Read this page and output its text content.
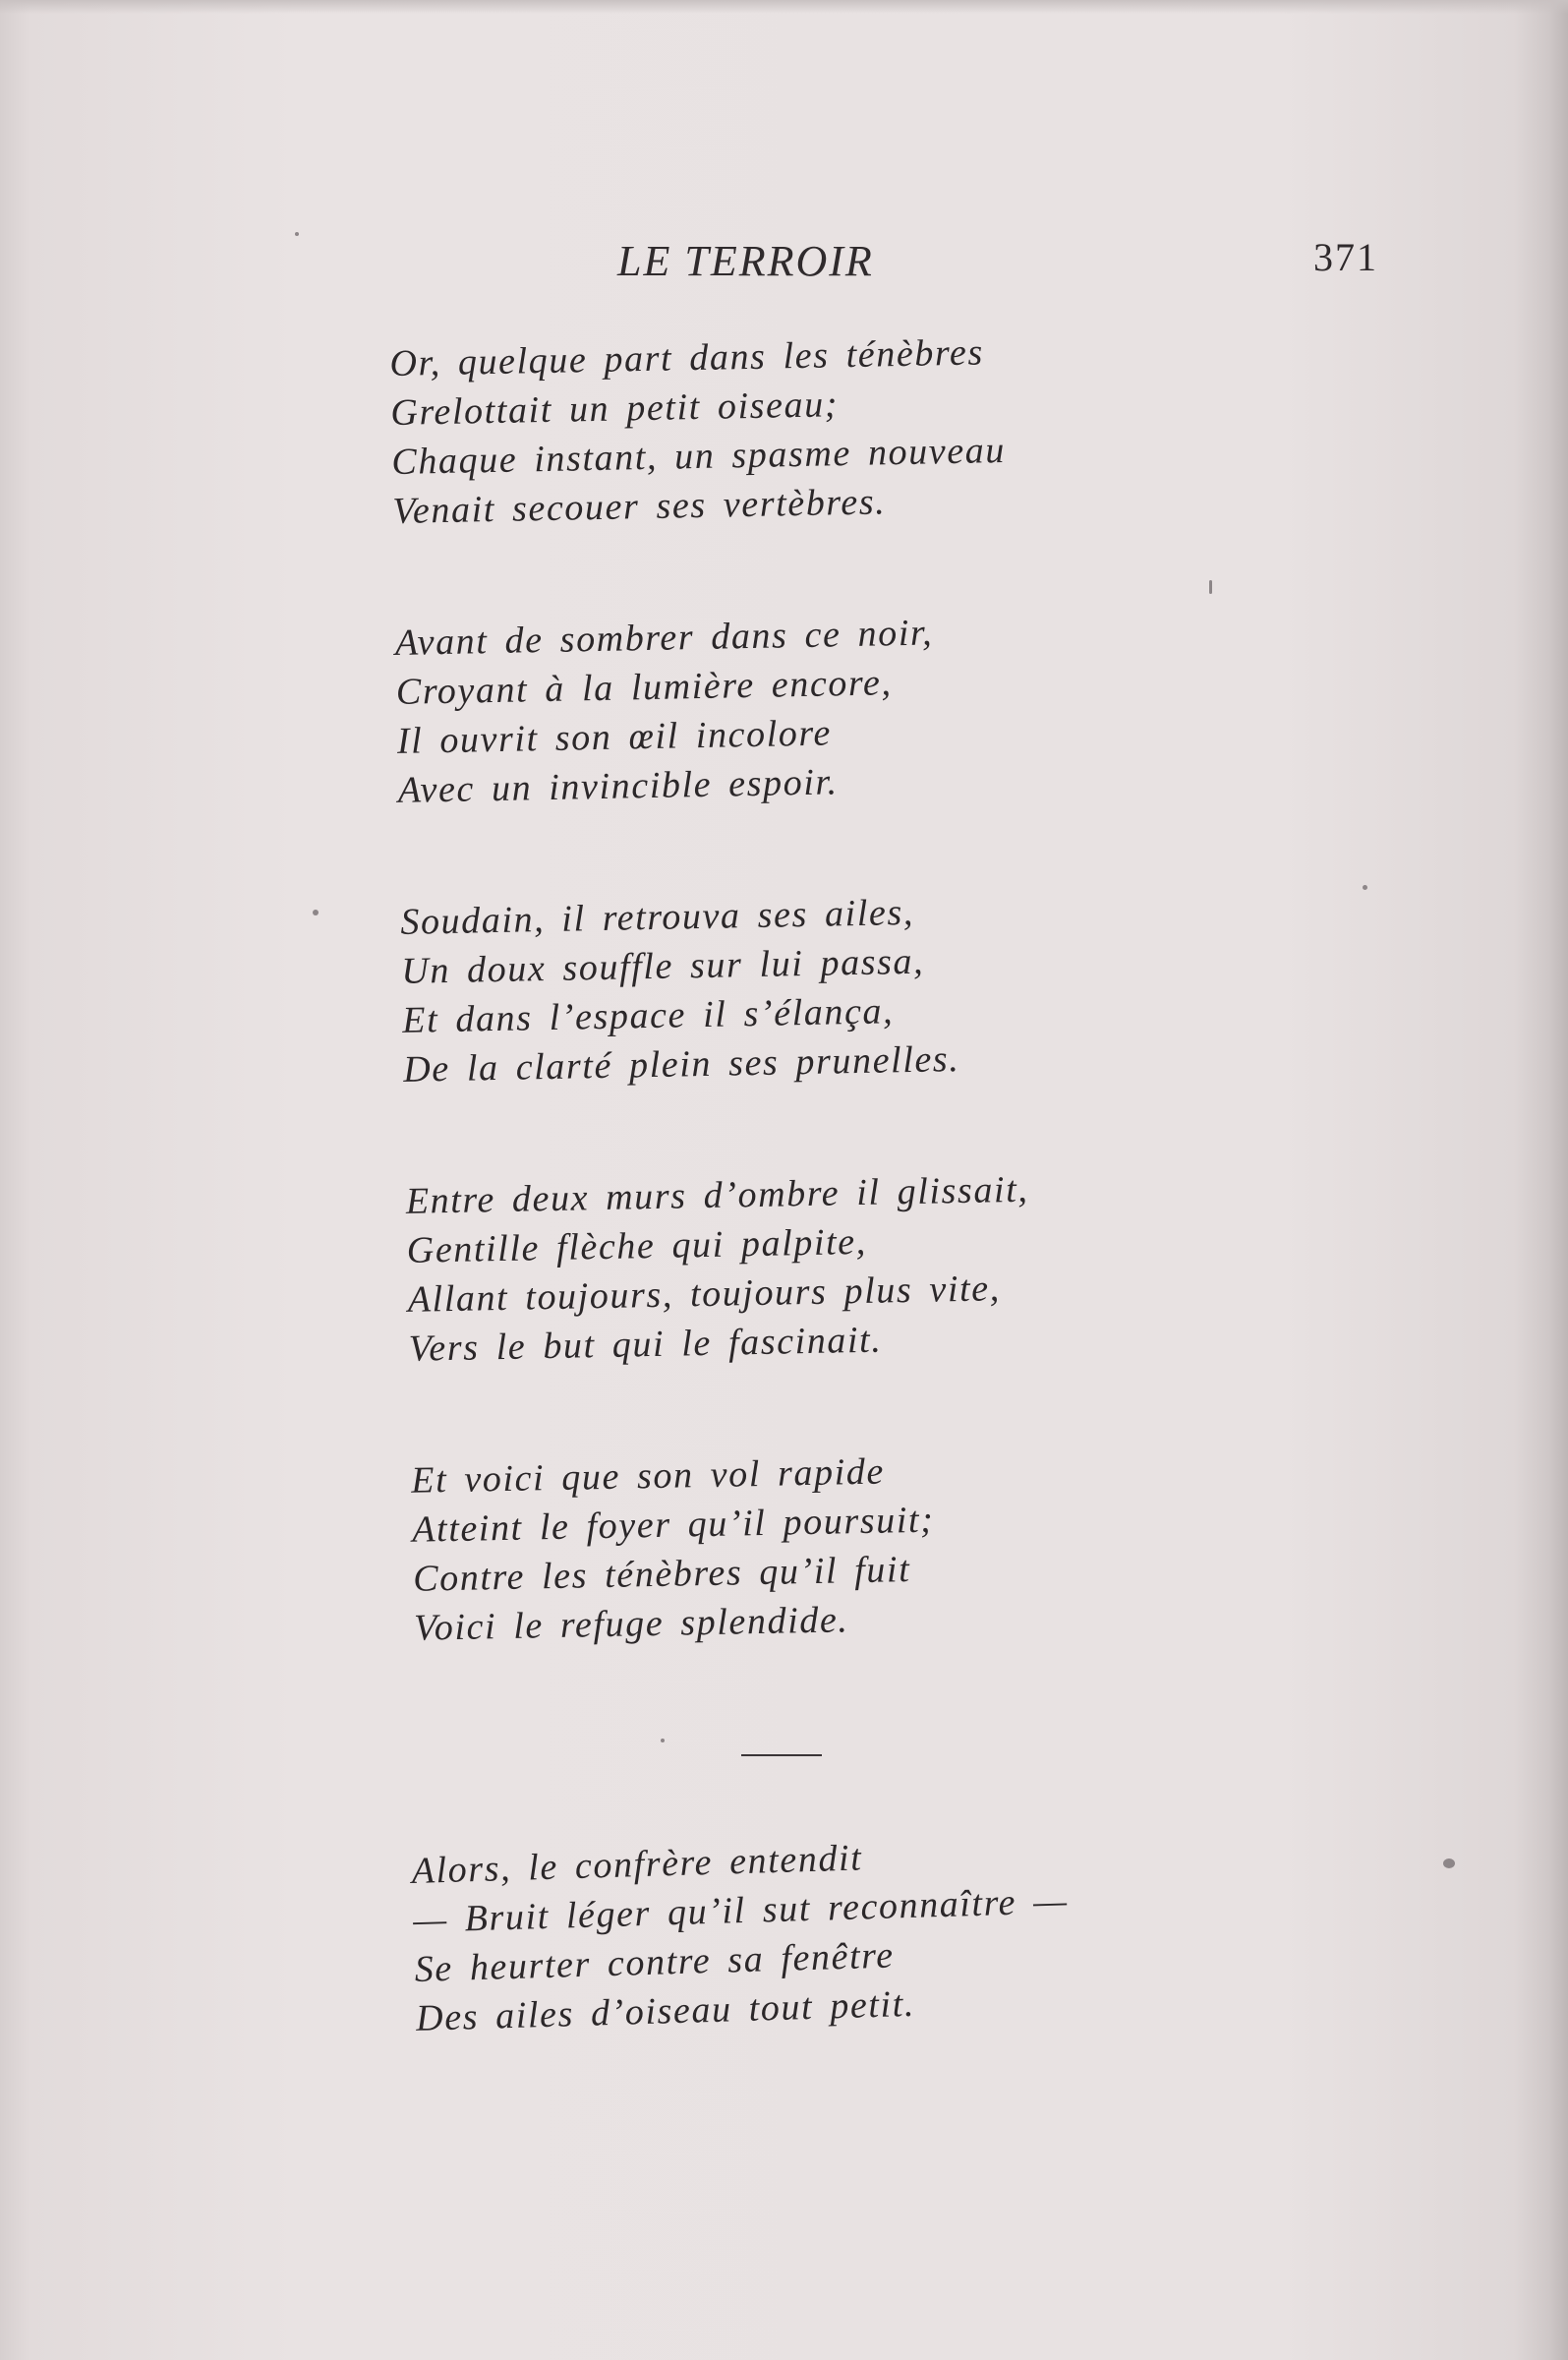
LE TERROIR	371
Or, quelque part dans les ténèbres
Grelottait un petit oiseau;
Chaque instant, un spasme nouveau
Venait secouer ses vertèbres.
Avant de sombrer dans ce noir,
Croyant à la lumière encore,
Il ouvrit son œil incolore
Avec un invincible espoir.
Soudain, il retrouva ses ailes,
Un doux souffle sur lui passa,
Et dans l’espace il s’élança,
De la clarté plein ses prunelles.
Entre deux murs d’ombre il glissait,
Gentille flèche qui palpite,
Allant toujours, toujours plus vite,
Vers le but qui le fascinait.
Et voici que son vol rapide
Atteint le foyer qu’il poursuit;
Contre les ténèbres qu’il fuit
Voici le refuge splendide.
Alors, le confrère entendit
— Bruit léger qu’il sut reconnaître —
Se heurter contre sa fenêtre
Des ailes d’oiseau tout petit.
